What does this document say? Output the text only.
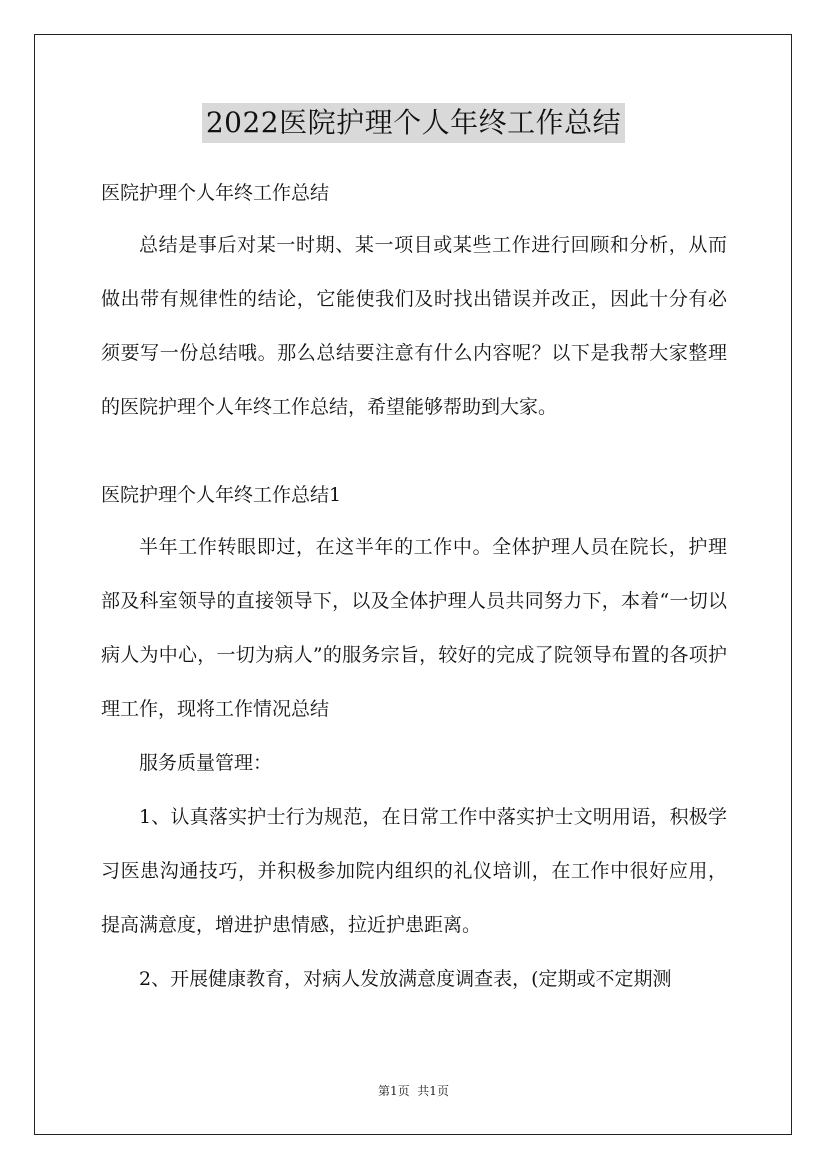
2022医院护理个人年终工作总结

医院护理个人年终工作总结

总结是事后对某一时期、某一项目或某些工作进行回顾和分析，从而做出带有规律性的结论，它能使我们及时找出错误并改正，因此十分有必须要写一份总结哦。那么总结要注意有什么内容呢？以下是我帮大家整理的医院护理个人年终工作总结，希望能够帮助到大家。

医院护理个人年终工作总结1

半年工作转眼即过，在这半年的工作中。全体护理人员在院长，护理部及科室领导的直接领导下，以及全体护理人员共同努力下，本着“一切以病人为中心，一切为病人”的服务宗旨，较好的完成了院领导布置的各项护理工作，现将工作情况总结

服务质量管理：

1、认真落实护士行为规范，在日常工作中落实护士文明用语，积极学习医患沟通技巧，并积极参加院内组织的礼仪培训，在工作中很好应用，提高满意度，增进护患情感，拉近护患距离。

2、开展健康教育，对病人发放满意度调查表，(定期或不定期测

第1页  共1页
